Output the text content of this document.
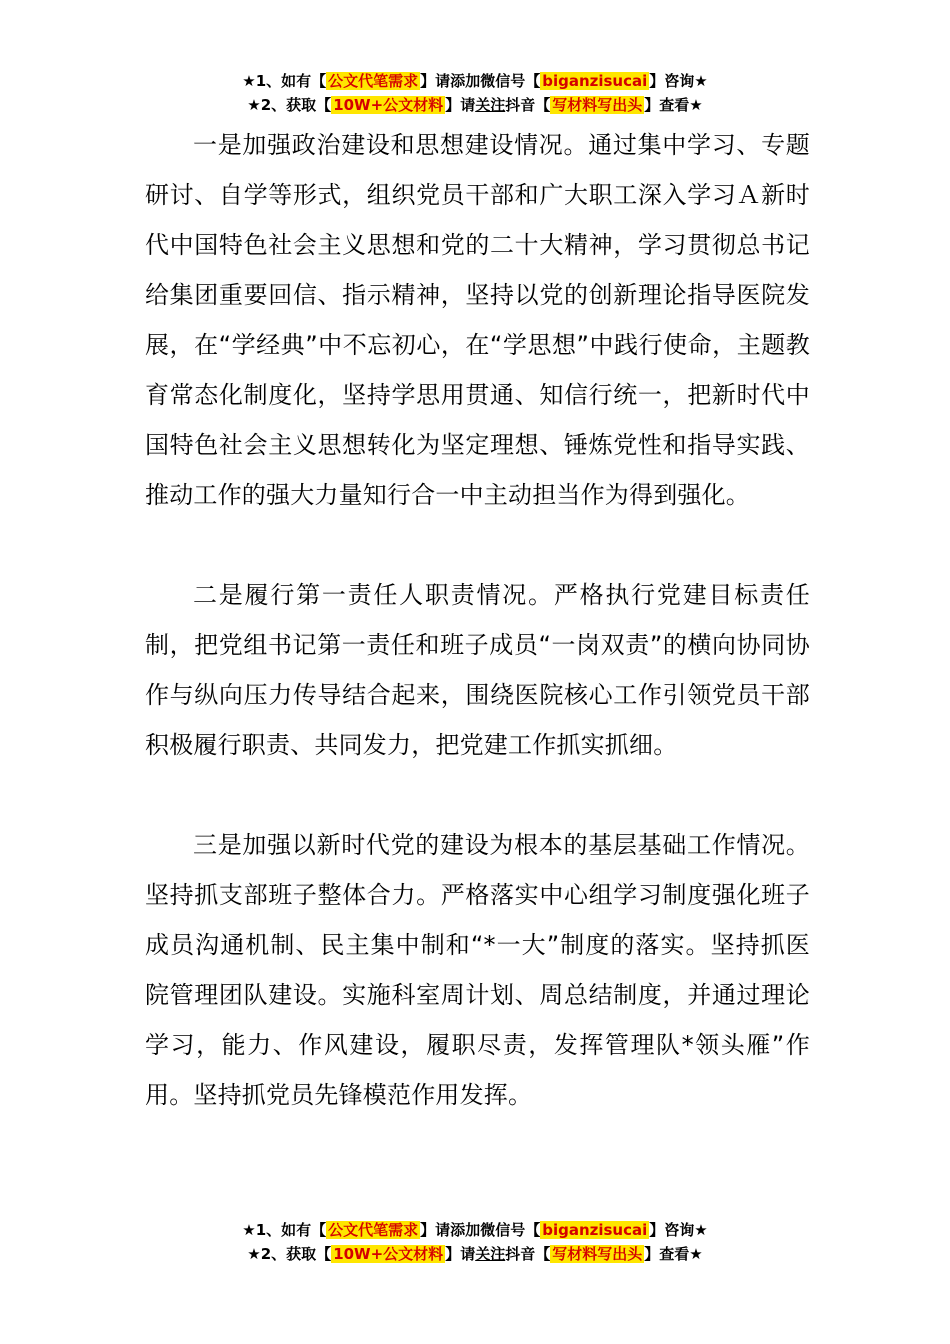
★1、如有【 公文代笔需求 】请添加微信号【 biganzisucai 】咨询★
★2、获取【 10W+公文材料 】请关注抖音【 写材料写出头 】查看★

一是加强政治建设和思想建设情况。通过集中学习、专题研讨、自学等形式，组织党员干部和广大职工深入学习Ａ新时代中国特色社会主义思想和党的二十大精神，学习贯彻总书记给集团重要回信、指示精神，坚持以党的创新理论指导医院发展，在“学经典”中不忘初心，在“学思想”中践行使命，主题教育常态化制度化，坚持学思用贯通、知信行统一，把新时代中国特色社会主义思想转化为坚定理想、锤炼党性和指导实践、推动工作的强大力量知行合一中主动担当作为得到强化。

二是履行第一责任人职责情况。严格执行党建目标责任制，把党组书记第一责任和班子成员“一岗双责”的横向协同协作与纵向压力传导结合起来，围绕医院核心工作引领党员干部积极履行职责、共同发力，把党建工作抓实抓细。

三是加强以新时代党的建设为根本的基层基础工作情况。坚持抓支部班子整体合力。严格落实中心组学习制度强化班子成员沟通机制、民主集中制和“*一大”制度的落实。坚持抓医院管理团队建设。实施科室周计划、周总结制度，并通过理论学习，能力、作风建设，履职尽责，发挥管理队*领头雁”作用。坚持抓党员先锋模范作用发挥。

★1、如有【 公文代笔需求 】请添加微信号【 biganzisucai 】咨询★
★2、获取【 10W+公文材料 】请关注抖音【 写材料写出头 】查看★
